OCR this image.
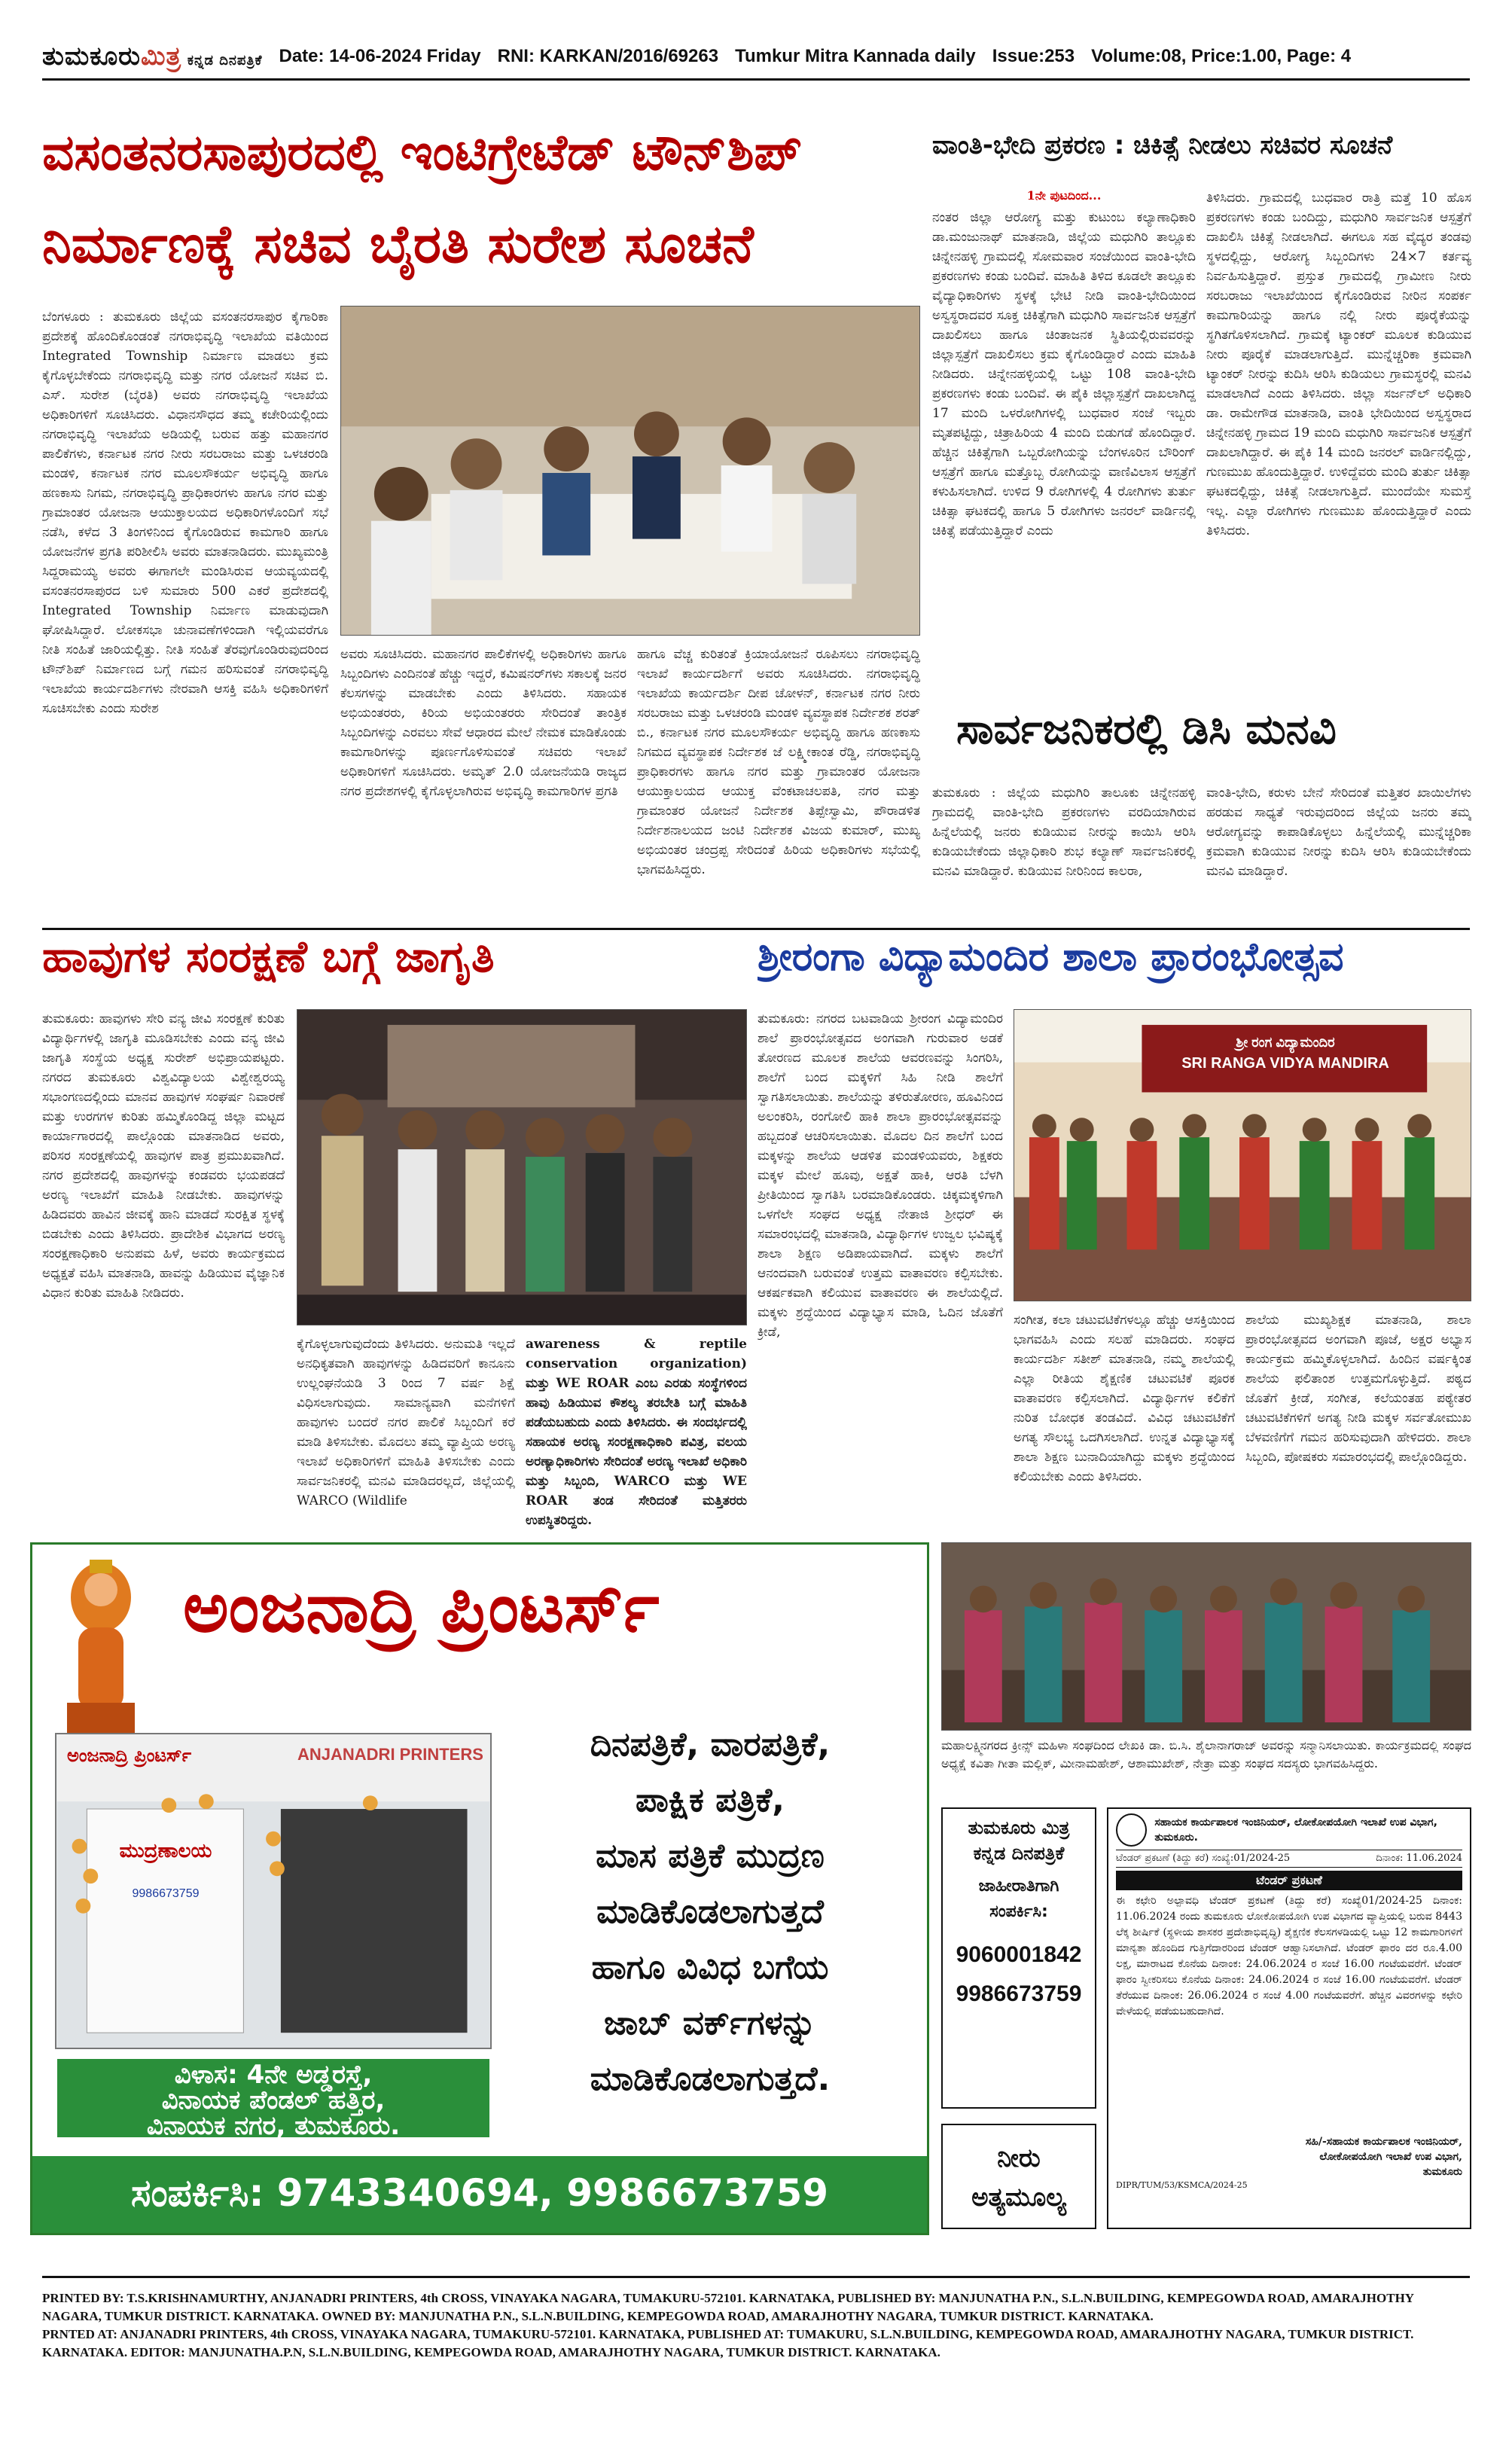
ತುಮಕೂರುಮಿತ್ರ ಕನ್ನಡ ದಿನಪತ್ರಿಕೆ Date: 14-06-2024 Friday RNI: KARKAN/2016/69263 Tumkur Mitra Kannada daily Issue:253 Volume:08, Price:1.00, Page: 4
ವಸಂತನರಸಾಪುರದಲ್ಲಿ ಇಂಟಿಗ್ರೇಟೆಡ್ ಟೌನ್‌ಶಿಪ್
ನಿರ್ಮಾಣಕ್ಕೆ ಸಚಿವ ಬೈರತಿ ಸುರೇಶ ಸೂಚನೆ
ಬೆಂಗಳೂರು : ತುಮಕೂರು ಜಿಲ್ಲೆಯ ವಸಂತನರಸಾಪುರ ಕೈಗಾರಿಕಾ ಪ್ರದೇಶಕ್ಕೆ ಹೊಂದಿಕೊಂಡಂತೆ ನಗರಾಭಿವೃದ್ಧಿ ಇಲಾಖೆಯ ವತಿಯಿಂದ Integrated Township ನಿರ್ಮಾಣ ಮಾಡಲು ಕ್ರಮ ಕೈಗೊಳ್ಳಬೇಕೆಂದು ನಗರಾಭಿವೃದ್ಧಿ ಮತ್ತು ನಗರ ಯೋಜನೆ ಸಚಿವ ಬಿ. ಎಸ್. ಸುರೇಶ (ಬೈರತಿ) ಅವರು ನಗರಾಭಿವೃದ್ಧಿ ಇಲಾಖೆಯ ಅಧಿಕಾರಿಗಳಿಗೆ ಸೂಚಿಸಿದರು. ವಿಧಾನಸೌಧದ ತಮ್ಮ ಕಚೇರಿಯಲ್ಲಿಂದು ನಗರಾಭಿವೃದ್ಧಿ ಇಲಾಖೆಯ ಅಡಿಯಲ್ಲಿ ಬರುವ ಹತ್ತು ಮಹಾನಗರ ಪಾಲಿಕೆಗಳು, ಕರ್ನಾಟಕ ನಗರ ನೀರು ಸರಬರಾಜು ಮತ್ತು ಒಳಚರಂಡಿ ಮಂಡಳಿ, ಕರ್ನಾಟಕ ನಗರ ಮೂಲಸೌಕರ್ಯ ಅಭಿವೃದ್ಧಿ ಹಾಗೂ ಹಣಕಾಸು ನಿಗಮ, ನಗರಾಭಿವೃದ್ಧಿ ಪ್ರಾಧಿಕಾರಗಳು ಹಾಗೂ ನಗರ ಮತ್ತು ಗ್ರಾಮಾಂತರ ಯೋಜನಾ ಆಯುಕ್ತಾಲಯದ ಅಧಿಕಾರಿಗಳೊಂದಿಗೆ ಸಭೆ ನಡೆಸಿ, ಕಳೆದ 3 ತಿಂಗಳಿನಿಂದ ಕೈಗೊಂಡಿರುವ ಕಾಮಗಾರಿ ಹಾಗೂ ಯೋಜನೆಗಳ ಪ್ರಗತಿ ಪರಿಶೀಲಿಸಿ ಅವರು ಮಾತನಾಡಿದರು. ಮುಖ್ಯಮಂತ್ರಿ ಸಿದ್ದರಾಮಯ್ಯ ಅವರು ಈಗಾಗಲೇ ಮಂಡಿಸಿರುವ ಆಯವ್ಯಯದಲ್ಲಿ ವಸಂತನರಸಾಪುರದ ಬಳಿ ಸುಮಾರು 500 ಎಕರೆ ಪ್ರದೇಶದಲ್ಲಿ Integrated Township ನಿರ್ಮಾಣ ಮಾಡುವುದಾಗಿ ಘೋಷಿಸಿದ್ದಾರೆ. ಲೋಕಸಭಾ ಚುನಾವಣೆಗಳಿಂದಾಗಿ ಇಲ್ಲಿಯವರೆಗೂ ನೀತಿ ಸಂಹಿತೆ ಜಾರಿಯಲ್ಲಿತ್ತು. ನೀತಿ ಸಂಹಿತೆ ತೆರವುಗೊಂಡಿರುವುದರಿಂದ ಟೌನ್‌ಶಿಪ್ ನಿರ್ಮಾಣದ ಬಗ್ಗೆ ಗಮನ ಹರಿಸುವಂತೆ ನಗರಾಭಿವೃದ್ಧಿ ಇಲಾಖೆಯ ಕಾರ್ಯದರ್ಶಿಗಳು ನೇರವಾಗಿ ಆಸಕ್ತಿ ವಹಿಸಿ ಅಧಿಕಾರಿಗಳಿಗೆ ಸೂಚಿಸಬೇಕು ಎಂದು ಸುರೇಶ
ಅವರು ಸೂಚಿಸಿದರು. ಮಹಾನಗರ ಪಾಲಿಕೆಗಳಲ್ಲಿ ಅಧಿಕಾರಿಗಳು ಹಾಗೂ ಸಿಬ್ಬಂದಿಗಳು ಎಂದಿನಂತೆ ಹೆಚ್ಚು ಇದ್ದರೆ, ಕಮಿಷನರ್‌ಗಳು ಸಕಾಲಕ್ಕೆ ಜನರ ಕೆಲಸಗಳನ್ನು ಮಾಡಬೇಕು ಎಂದು ತಿಳಿಸಿದರು. ಸಹಾಯಕ ಅಭಿಯಂತರರು, ಕಿರಿಯ ಅಭಿಯಂತರರು ಸೇರಿದಂತೆ ತಾಂತ್ರಿಕ ಸಿಬ್ಬಂದಿಗಳನ್ನು ಎರವಲು ಸೇವೆ ಆಧಾರದ ಮೇಲೆ ನೇಮಕ ಮಾಡಿಕೊಂಡು ಕಾಮಗಾರಿಗಳನ್ನು ಪೂರ್ಣಗೊಳಿಸುವಂತೆ ಸಚಿವರು ಇಲಾಖೆ ಅಧಿಕಾರಿಗಳಿಗೆ ಸೂಚಿಸಿದರು. ಅಮೃತ್ 2.0 ಯೋಜನೆಯಡಿ ರಾಜ್ಯದ ನಗರ ಪ್ರದೇಶಗಳಲ್ಲಿ ಕೈಗೊಳ್ಳಲಾಗಿರುವ ಅಭಿವೃದ್ಧಿ ಕಾಮಗಾರಿಗಳ ಪ್ರಗತಿ
ಹಾಗೂ ವೆಚ್ಚ ಕುರಿತಂತೆ ಕ್ರಿಯಾಯೋಜನೆ ರೂಪಿಸಲು ನಗರಾಭಿವೃದ್ಧಿ ಇಲಾಖೆ ಕಾರ್ಯದರ್ಶಿಗೆ ಅವರು ಸೂಚಿಸಿದರು. ನಗರಾಭಿವೃದ್ಧಿ ಇಲಾಖೆಯ ಕಾರ್ಯದರ್ಶಿ ದೀಪ ಚೋಳನ್, ಕರ್ನಾಟಕ ನಗರ ನೀರು ಸರಬರಾಜು ಮತ್ತು ಒಳಚರಂಡಿ ಮಂಡಳಿ ವ್ಯವಸ್ಥಾಪಕ ನಿರ್ದೇಶಕ ಶರತ್ ಬಿ., ಕರ್ನಾಟಕ ನಗರ ಮೂಲಸೌಕರ್ಯ ಅಭಿವೃದ್ಧಿ ಹಾಗೂ ಹಣಕಾಸು ನಿಗಮದ ವ್ಯವಸ್ಥಾಪಕ ನಿರ್ದೇಶಕ ಜೆ ಲಕ್ಷ್ಮೀಕಾಂತ ರೆಡ್ಡಿ, ನಗರಾಭಿವೃದ್ಧಿ ಪ್ರಾಧಿಕಾರಗಳು ಹಾಗೂ ನಗರ ಮತ್ತು ಗ್ರಾಮಾಂತರ ಯೋಜನಾ ಆಯುಕ್ತಾಲಯದ ಆಯುಕ್ತ ವೆಂಕಟಾಚಲಪತಿ, ನಗರ ಮತ್ತು ಗ್ರಾಮಾಂತರ ಯೋಜನೆ ನಿರ್ದೇಶಕ ತಿಪ್ಪೇಸ್ವಾಮಿ, ಪೌರಾಡಳಿತ ನಿರ್ದೇಶನಾಲಯದ ಜಂಟಿ ನಿರ್ದೇಶಕ ವಿಜಯ ಕುಮಾರ್, ಮುಖ್ಯ ಅಭಿಯಂತರ ಚಂದ್ರಪ್ಪ ಸೇರಿದಂತೆ ಹಿರಿಯ ಅಧಿಕಾರಿಗಳು ಸಭೆಯಲ್ಲಿ ಭಾಗವಹಿಸಿದ್ದರು.
ವಾಂತಿ-ಭೇದಿ ಪ್ರಕರಣ : ಚಿಕಿತ್ಸೆ ನೀಡಲು ಸಚಿವರ ಸೂಚನೆ
1ನೇ ಪುಟದಿಂದ...
ನಂತರ ಜಿಲ್ಲಾ ಆರೋಗ್ಯ ಮತ್ತು ಕುಟುಂಬ ಕಲ್ಯಾಣಾಧಿಕಾರಿ ಡಾ.ಮಂಜುನಾಥ್ ಮಾತನಾಡಿ, ಜಿಲ್ಲೆಯ ಮಧುಗಿರಿ ತಾಲ್ಲೂಕು ಚಿನ್ನೇನಹಳ್ಳಿ ಗ್ರಾಮದಲ್ಲಿ ಸೋಮವಾರ ಸಂಜೆಯಿಂದ ವಾಂತಿ-ಭೇದಿ ಪ್ರಕರಣಗಳು ಕಂಡು ಬಂದಿವೆ. ಮಾಹಿತಿ ತಿಳಿದ ಕೂಡಲೇ ತಾಲ್ಲೂಕು ವೈದ್ಯಾಧಿಕಾರಿಗಳು ಸ್ಥಳಕ್ಕೆ ಭೇಟಿ ನೀಡಿ ವಾಂತಿ-ಭೇದಿಯಿಂದ ಅಸ್ವಸ್ಥರಾದವರ ಸೂಕ್ತ ಚಿಕಿತ್ಸೆಗಾಗಿ ಮಧುಗಿರಿ ಸಾರ್ವಜನಿಕ ಆಸ್ಪತ್ರೆಗೆ ದಾಖಲಿಸಲು ಹಾಗೂ ಚಿಂತಾಜನಕ ಸ್ಥಿತಿಯಲ್ಲಿರುವವರನ್ನು ಜಿಲ್ಲಾಸ್ಪತ್ರೆಗೆ ದಾಖಲಿಸಲು ಕ್ರಮ ಕೈಗೊಂಡಿದ್ದಾರೆ ಎಂದು ಮಾಹಿತಿ ನೀಡಿದರು. ಚಿನ್ನೇನಹಳ್ಳಿಯಲ್ಲಿ ಒಟ್ಟು 108 ವಾಂತಿ-ಭೇದಿ ಪ್ರಕರಣಗಳು ಕಂಡು ಬಂದಿವೆ. ಈ ಪೈಕಿ ಜಿಲ್ಲಾಸ್ಪತ್ರೆಗೆ ದಾಖಲಾಗಿದ್ದ 17 ಮಂದಿ ಒಳರೋಗಿಗಳಲ್ಲಿ ಬುಧವಾರ ಸಂಜೆ ಇಬ್ಬರು ಮೃತಪಟ್ಟಿದ್ದು, ಚಿತ್ರಾಹಿರಿಯ 4 ಮಂದಿ ಬಿಡುಗಡೆ ಹೊಂದಿದ್ದಾರೆ. ಹೆಚ್ಚಿನ ಚಿಕಿತ್ಸೆಗಾಗಿ ಒಬ್ಬರೋಗಿಯನ್ನು ಬೆಂಗಳೂರಿನ ಬೌರಿಂಗ್ ಆಸ್ಪತ್ರೆಗೆ ಹಾಗೂ ಮತ್ತೊಬ್ಬ ರೋಗಿಯನ್ನು ವಾಣಿವಿಲಾಸ ಆಸ್ಪತ್ರೆಗೆ ಕಳುಹಿಸಲಾಗಿದೆ. ಉಳಿದ 9 ರೋಗಿಗಳಲ್ಲಿ 4 ರೋಗಿಗಳು ತುರ್ತು ಚಿಕಿತ್ಸಾ ಘಟಕದಲ್ಲಿ ಹಾಗೂ 5 ರೋಗಿಗಳು ಜನರಲ್ ವಾರ್ಡಿನಲ್ಲಿ ಚಿಕಿತ್ಸೆ ಪಡೆಯುತ್ತಿದ್ದಾರೆ ಎಂದು
ತಿಳಿಸಿದರು. ಗ್ರಾಮದಲ್ಲಿ ಬುಧವಾರ ರಾತ್ರಿ ಮತ್ತೆ 10 ಹೊಸ ಪ್ರಕರಣಗಳು ಕಂಡು ಬಂದಿದ್ದು, ಮಧುಗಿರಿ ಸಾರ್ವಜನಿಕ ಆಸ್ಪತ್ರೆಗೆ ದಾಖಲಿಸಿ ಚಿಕಿತ್ಸೆ ನೀಡಲಾಗಿದೆ. ಈಗಲೂ ಸಹ ವೈದ್ಯರ ತಂಡವು ಸ್ಥಳದಲ್ಲಿದ್ದು, ಆರೋಗ್ಯ ಸಿಬ್ಬಂದಿಗಳು 24×7 ಕರ್ತವ್ಯ ನಿರ್ವಹಿಸುತ್ತಿದ್ದಾರೆ. ಪ್ರಸ್ತುತ ಗ್ರಾಮದಲ್ಲಿ ಗ್ರಾಮೀಣ ನೀರು ಸರಬರಾಜು ಇಲಾಖೆಯಿಂದ ಕೈಗೊಂಡಿರುವ ನೀರಿನ ಸಂಪರ್ಕ ಕಾಮಗಾರಿಯನ್ನು ಹಾಗೂ ನಲ್ಲಿ ನೀರು ಪೂರೈಕೆಯನ್ನು ಸ್ಥಗಿತಗೊಳಿಸಲಾಗಿದೆ. ಗ್ರಾಮಕ್ಕೆ ಟ್ಯಾಂಕರ್ ಮೂಲಕ ಕುಡಿಯುವ ನೀರು ಪೂರೈಕೆ ಮಾಡಲಾಗುತ್ತಿದೆ. ಮುನ್ನೆಚ್ಚರಿಕಾ ಕ್ರಮವಾಗಿ ಟ್ಯಾಂಕರ್ ನೀರನ್ನು ಕುದಿಸಿ ಆರಿಸಿ ಕುಡಿಯಲು ಗ್ರಾಮಸ್ಥರಲ್ಲಿ ಮನವಿ ಮಾಡಲಾಗಿದೆ ಎಂದು ತಿಳಿಸಿದರು. ಜಿಲ್ಲಾ ಸರ್ಜನ್‌ಲ್ ಅಧಿಕಾರಿ ಡಾ. ರಾಮೇಗೌಡ ಮಾತನಾಡಿ, ವಾಂತಿ ಭೇದಿಯಿಂದ ಅಸ್ವಸ್ಥರಾದ ಚಿನ್ನೇನಹಳ್ಳಿ ಗ್ರಾಮದ 19 ಮಂದಿ ಮಧುಗಿರಿ ಸಾರ್ವಜನಿಕ ಆಸ್ಪತ್ರೆಗೆ ದಾಖಲಾಗಿದ್ದಾರೆ. ಈ ಪೈಕಿ 14 ಮಂದಿ ಜನರಲ್ ವಾರ್ಡಿನಲ್ಲಿದ್ದು, ಗುಣಮುಖ ಹೊಂದುತ್ತಿದ್ದಾರೆ. ಉಳಿದ್ದೆವರು ಮಂದಿ ತುರ್ತು ಚಿಕಿತ್ಸಾ ಘಟಕದಲ್ಲಿದ್ದು, ಚಿಕಿತ್ಸೆ ನೀಡಲಾಗುತ್ತಿದೆ. ಮುಂದೆಯೇ ಸುಮಸ್ತೆ ಇಲ್ಲ. ಎಲ್ಲಾ ರೋಗಿಗಳು ಗುಣಮುಖ ಹೊಂದುತ್ತಿದ್ದಾರೆ ಎಂದು ತಿಳಿಸಿದರು.
ಸಾರ್ವಜನಿಕರಲ್ಲಿ ಡಿಸಿ ಮನವಿ
ತುಮಕೂರು : ಜಿಲ್ಲೆಯ ಮಧುಗಿರಿ ತಾಲೂಕು ಚಿನ್ನೇನಹಳ್ಳಿ ಗ್ರಾಮದಲ್ಲಿ ವಾಂತಿ-ಭೇದಿ ಪ್ರಕರಣಗಳು ವರದಿಯಾಗಿರುವ ಹಿನ್ನೆಲೆಯಲ್ಲಿ ಜನರು ಕುಡಿಯುವ ನೀರನ್ನು ಕಾಯಿಸಿ ಆರಿಸಿ ಕುಡಿಯಬೇಕೆಂದು ಜಿಲ್ಲಾಧಿಕಾರಿ ಶುಭ ಕಲ್ಯಾಣ್ ಸಾರ್ವಜನಿಕರಲ್ಲಿ ಮನವಿ ಮಾಡಿದ್ದಾರೆ. ಕುಡಿಯುವ ನೀರಿನಿಂದ ಕಾಲರಾ,
ವಾಂತಿ-ಭೇದಿ, ಕರುಳು ಬೇನೆ ಸೇರಿದಂತೆ ಮತ್ತಿತರ ಖಾಯಿಲೆಗಳು ಹರಡುವ ಸಾಧ್ಯತೆ ಇರುವುದರಿಂದ ಜಿಲ್ಲೆಯ ಜನರು ತಮ್ಮ ಆರೋಗ್ಯವನ್ನು ಕಾಪಾಡಿಕೊಳ್ಳಲು ಹಿನ್ನೆಲೆಯಲ್ಲಿ ಮುನ್ನೆಚ್ಚರಿಕಾ ಕ್ರಮವಾಗಿ ಕುಡಿಯುವ ನೀರನ್ನು ಕುದಿಸಿ ಆರಿಸಿ ಕುಡಿಯಬೇಕೆಂದು ಮನವಿ ಮಾಡಿದ್ದಾರೆ.
ಹಾವುಗಳ ಸಂರಕ್ಷಣೆ ಬಗ್ಗೆ ಜಾಗೃತಿ
ತುಮಕೂರು: ಹಾವುಗಳು ಸೇರಿ ವನ್ಯ ಜೀವಿ ಸಂರಕ್ಷಣೆ ಕುರಿತು ವಿದ್ಯಾರ್ಥಿಗಳಲ್ಲಿ ಜಾಗೃತಿ ಮೂಡಿಸಬೇಕು ಎಂದು ವನ್ಯ ಜೀವಿ ಜಾಗೃತಿ ಸಂಸ್ಥೆಯ ಅಧ್ಯಕ್ಷ ಸುರೇಶ್ ಅಭಿಪ್ರಾಯಪಟ್ಟರು. ನಗರದ ತುಮಕೂರು ವಿಶ್ವವಿದ್ಯಾಲಯ ವಿಶ್ವೇಶ್ವರಯ್ಯ ಸಭಾಂಗಣದಲ್ಲಿಂದು ಮಾನವ ಹಾವುಗಳ ಸಂಘರ್ಷ ನಿವಾರಣೆ ಮತ್ತು ಉರಗಗಳ ಕುರಿತು ಹಮ್ಮಿಕೊಂಡಿದ್ದ ಜಿಲ್ಲಾ ಮಟ್ಟದ ಕಾರ್ಯಾಗಾರದಲ್ಲಿ ಪಾಲ್ಗೊಂಡು ಮಾತನಾಡಿದ ಅವರು, ಪರಿಸರ ಸಂರಕ್ಷಣೆಯಲ್ಲಿ ಹಾವುಗಳ ಪಾತ್ರ ಪ್ರಮುಖವಾಗಿದೆ. ನಗರ ಪ್ರದೇಶದಲ್ಲಿ ಹಾವುಗಳನ್ನು ಕಂಡವರು ಭಯಪಡದೆ ಅರಣ್ಯ ಇಲಾಖೆಗೆ ಮಾಹಿತಿ ನೀಡಬೇಕು. ಹಾವುಗಳನ್ನು ಹಿಡಿದವರು ಹಾವಿನ ಜೀವಕ್ಕೆ ಹಾನಿ ಮಾಡದೆ ಸುರಕ್ಷಿತ ಸ್ಥಳಕ್ಕೆ ಬಿಡಬೇಕು ಎಂದು ತಿಳಿಸಿದರು. ಪ್ರಾದೇಶಿಕ ವಿಭಾಗದ ಅರಣ್ಯ ಸಂರಕ್ಷಣಾಧಿಕಾರಿ ಅನುಪಮ ಹಿಳೆ, ಅವರು ಕಾರ್ಯಕ್ರಮದ ಅಧ್ಯಕ್ಷತೆ ವಹಿಸಿ ಮಾತನಾಡಿ, ಹಾವನ್ನು ಹಿಡಿಯುವ ವೈಜ್ಞಾನಿಕ ವಿಧಾನ ಕುರಿತು ಮಾಹಿತಿ ನೀಡಿದರು.
ಕೈಗೊಳ್ಳಲಾಗುವುದೆಂದು ತಿಳಿಸಿದರು. ಅನುಮತಿ ಇಲ್ಲದೆ ಅನಧಿಕೃತವಾಗಿ ಹಾವುಗಳನ್ನು ಹಿಡಿದವರಿಗೆ ಕಾನೂನು ಉಲ್ಲಂಘನೆಯಡಿ 3 ರಿಂದ 7 ವರ್ಷ ಶಿಕ್ಷೆ ವಿಧಿಸಲಾಗುವುದು. ಸಾಮಾನ್ಯವಾಗಿ ಮನೆಗಳಿಗೆ ಹಾವುಗಳು ಬಂದರೆ ನಗರ ಪಾಲಿಕೆ ಸಿಬ್ಬಂದಿಗೆ ಕರೆ ಮಾಡಿ ತಿಳಿಸಬೇಕು. ಮೊದಲು ತಮ್ಮ ವ್ಯಾಪ್ತಿಯ ಅರಣ್ಯ ಇಲಾಖೆ ಅಧಿಕಾರಿಗಳಿಗೆ ಮಾಹಿತಿ ತಿಳಿಸಬೇಕು ಎಂದು ಸಾರ್ವಜನಿಕರಲ್ಲಿ ಮನವಿ ಮಾಡಿದರಲ್ಲದೆ, ಜಿಲ್ಲೆಯಲ್ಲಿ WARCO (Wildlife
awareness & reptile conservation organization) ಮತ್ತು WE ROAR ಎಂಬ ಎರಡು ಸಂಸ್ಥೆಗಳಿಂದ ಹಾವು ಹಿಡಿಯುವ ಕೌಶಲ್ಯ ತರಬೇತಿ ಬಗ್ಗೆ ಮಾಹಿತಿ ಪಡೆಯಬಹುದು ಎಂದು ತಿಳಿಸಿದರು. ಈ ಸಂದರ್ಭದಲ್ಲಿ ಸಹಾಯಕ ಅರಣ್ಯ ಸಂರಕ್ಷಣಾಧಿಕಾರಿ ಪವಿತ್ರ, ವಲಯ ಅರಣ್ಯಾಧಿಕಾರಿಗಳು ಸೇರಿದಂತೆ ಅರಣ್ಯ ಇಲಾಖೆ ಅಧಿಕಾರಿ ಮತ್ತು ಸಿಬ್ಬಂದಿ, WARCO ಮತ್ತು WE ROAR ತಂಡ ಸೇರಿದಂತೆ ಮತ್ತಿತರರು ಉಪಸ್ಥಿತರಿದ್ದರು.
ಶ್ರೀರಂಗಾ ವಿದ್ಯಾಮಂದಿರ ಶಾಲಾ ಪ್ರಾರಂಭೋತ್ಸವ
ತುಮಕೂರು: ನಗರದ ಬಟವಾಡಿಯ ಶ್ರೀರಂಗ ವಿದ್ಯಾಮಂದಿರ ಶಾಲೆ ಪ್ರಾರಂಭೋತ್ಸವದ ಅಂಗವಾಗಿ ಗುರುವಾರ ಅಡಕೆ ತೋರಣದ ಮೂಲಕ ಶಾಲೆಯ ಆವರಣವನ್ನು ಸಿಂಗರಿಸಿ, ಶಾಲೆಗೆ ಬಂದ ಮಕ್ಕಳಿಗೆ ಸಿಹಿ ನೀಡಿ ಶಾಲೆಗೆ ಸ್ವಾಗತಿಸಲಾಯಿತು. ಶಾಲೆಯನ್ನು ತಳಿರುತೋರಣ, ಹೂವಿನಿಂದ ಅಲಂಕರಿಸಿ, ರಂಗೋಲಿ ಹಾಕಿ ಶಾಲಾ ಪ್ರಾರಂಭೋತ್ಸವವನ್ನು ಹಬ್ಬದಂತೆ ಆಚರಿಸಲಾಯಿತು. ಮೊದಲ ದಿನ ಶಾಲೆಗೆ ಬಂದ ಮಕ್ಕಳನ್ನು ಶಾಲೆಯ ಆಡಳಿತ ಮಂಡಳಿಯವರು, ಶಿಕ್ಷಕರು ಮಕ್ಕಳ ಮೇಲೆ ಹೂವು, ಅಕ್ಷತೆ ಹಾಕಿ, ಆರತಿ ಬೆಳಗಿ ಪ್ರೀತಿಯಿಂದ ಸ್ವಾಗತಿಸಿ ಬರಮಾಡಿಕೊಂಡರು. ಚಿಕ್ಕಮಕ್ಕಳಿಗಾಗಿ ಒಳಗೆಲೇ ಸಂಘದ ಅಧ್ಯಕ್ಷ ನೇತಾಜಿ ಶ್ರೀಧರ್ ಈ ಸಮಾರಂಭದಲ್ಲಿ ಮಾತನಾಡಿ, ವಿದ್ಯಾರ್ಥಿಗಳ ಉಜ್ವಲ ಭವಿಷ್ಯಕ್ಕೆ ಶಾಲಾ ಶಿಕ್ಷಣ ಅಡಿಪಾಯವಾಗಿದೆ. ಮಕ್ಕಳು ಶಾಲೆಗೆ ಆನಂದವಾಗಿ ಬರುವಂತೆ ಉತ್ತಮ ವಾತಾವರಣ ಕಲ್ಪಿಸಬೇಕು. ಆಕರ್ಷಕವಾಗಿ ಕಲಿಯುವ ವಾತಾವರಣ ಈ ಶಾಲೆಯಲ್ಲಿದೆ. ಮಕ್ಕಳು ಶ್ರದ್ಧೆಯಿಂದ ವಿದ್ಯಾಭ್ಯಾಸ ಮಾಡಿ, ಓದಿನ ಜೊತೆಗೆ ಕ್ರೀಡೆ,
ಶ್ರೀ ರಂಗ ವಿದ್ಯಾಮಂದಿರ
SRI RANGA VIDYA MANDIRA
ಸಂಗೀತ, ಕಲಾ ಚಟುವಟಿಕೆಗಳಲ್ಲೂ ಹೆಚ್ಚು ಆಸಕ್ತಿಯಿಂದ ಭಾಗವಹಿಸಿ ಎಂದು ಸಲಹೆ ಮಾಡಿದರು. ಸಂಘದ ಕಾರ್ಯದರ್ಶಿ ಸತೀಶ್ ಮಾತನಾಡಿ, ನಮ್ಮ ಶಾಲೆಯಲ್ಲಿ ಎಲ್ಲಾ ರೀತಿಯ ಶೈಕ್ಷಣಿಕ ಚಟುವಟಿಕೆ ಪೂರಕ ವಾತಾವರಣ ಕಲ್ಪಿಸಲಾಗಿದೆ. ವಿದ್ಯಾರ್ಥಿಗಳ ಕಲಿಕೆಗೆ ನುರಿತ ಬೋಧಕ ತಂಡವಿದೆ. ವಿವಿಧ ಚಟುವಟಿಕೆಗೆ ಅಗತ್ಯ ಸೌಲಭ್ಯ ಒದಗಿಸಲಾಗಿದೆ. ಉನ್ನತ ವಿದ್ಯಾಭ್ಯಾಸಕ್ಕೆ ಶಾಲಾ ಶಿಕ್ಷಣ ಬುನಾದಿಯಾಗಿದ್ದು ಮಕ್ಕಳು ಶ್ರದ್ಧೆಯಿಂದ ಕಲಿಯಬೇಕು ಎಂದು ತಿಳಿಸಿದರು.
ಶಾಲೆಯ ಮುಖ್ಯಶಿಕ್ಷಕ ಮಾತನಾಡಿ, ಶಾಲಾ ಪ್ರಾರಂಭೋತ್ಸವದ ಅಂಗವಾಗಿ ಪೂಜೆ, ಅಕ್ಷರ ಅಭ್ಯಾಸ ಕಾರ್ಯಕ್ರಮ ಹಮ್ಮಿಕೊಳ್ಳಲಾಗಿದೆ. ಹಿಂದಿನ ವರ್ಷಕ್ಕಿಂತ ಶಾಲೆಯ ಫಲಿತಾಂಶ ಉತ್ತಮಗೊಳ್ಳುತ್ತಿದೆ. ಪಠ್ಯದ ಜೊತೆಗೆ ಕ್ರೀಡೆ, ಸಂಗೀತ, ಕಲೆಯಂತಹ ಪಠ್ಯೇತರ ಚಟುವಟಿಕೆಗಳಿಗೆ ಅಗತ್ಯ ನೀಡಿ ಮಕ್ಕಳ ಸರ್ವತೋಮುಖ ಬೆಳವಣಿಗೆಗೆ ಗಮನ ಹರಿಸುವುದಾಗಿ ಹೇಳಿದರು. ಶಾಲಾ ಸಿಬ್ಬಂದಿ, ಪೋಷಕರು ಸಮಾರಂಭದಲ್ಲಿ ಪಾಲ್ಗೊಂಡಿದ್ದರು.
ಮಹಾಲಕ್ಷ್ಮಿನಗರದ ಕ್ರೀನ್ಸ್ ಮಹಿಳಾ ಸಂಘದಿಂದ ಲೇಖಕಿ ಡಾ. ಬಿ.ಸಿ. ಶೈಲಾನಾಗರಾಜ್ ಅವರನ್ನು ಸನ್ಮಾನಿಸಲಾಯಿತು. ಕಾರ್ಯಕ್ರಮದಲ್ಲಿ ಸಂಘದ ಅಧ್ಯಕ್ಷೆ ಕವಿತಾ ಗೀತಾ ಮಲ್ಲಿಕ್, ಮೀನಾಮಹೇಶ್, ಆಶಾಮುಖೇಶ್, ನೇತ್ರಾ ಮತ್ತು ಸಂಘದ ಸದಸ್ಯರು ಭಾಗವಹಿಸಿದ್ದರು.
ಅಂಜನಾದ್ರಿ ಪ್ರಿಂಟರ್ಸ್
ಅಂಜನಾದ್ರಿ ಪ್ರಿಂಟರ್ಸ್	ANJANADRI PRINTERS
ಮುದ್ರಣಾಲಯ
9986673759
ದಿನಪತ್ರಿಕೆ, ವಾರಪತ್ರಿಕೆ,
ಪಾಕ್ಷಿಕ ಪತ್ರಿಕೆ,
ಮಾಸ ಪತ್ರಿಕೆ ಮುದ್ರಣ
ಮಾಡಿಕೊಡಲಾಗುತ್ತದೆ
ಹಾಗೂ ವಿವಿಧ ಬಗೆಯ
ಜಾಬ್ ವರ್ಕ್‌ಗಳನ್ನು
ಮಾಡಿಕೊಡಲಾಗುತ್ತದೆ.
ವಿಳಾಸ: 4ನೇ ಅಡ್ಡರಸ್ತೆ,
ವಿನಾಯಕ ಪೆಂಡಲ್ ಹತ್ತಿರ,
ವಿನಾಯಕ ನಗರ, ತುಮಕೂರು.
ಸಂಪರ್ಕಿಸಿ: 9743340694, 9986673759
ತುಮಕೂರು ಮಿತ್ರ
ಕನ್ನಡ ದಿನಪತ್ರಿಕೆ
ಜಾಹೀರಾತಿಗಾಗಿ
ಸಂಪರ್ಕಿಸಿ:
9060001842
9986673759
ನೀರು
ಅತ್ಯಮೂಲ್ಯ
ಸಹಾಯಕ ಕಾರ್ಯಪಾಲಕ ಇಂಜಿನಿಯರ್, ಲೋಕೋಪಯೋಗಿ ಇಲಾಖೆ ಉಪ ವಿಭಾಗ, ತುಮಕೂರು.
ಟೆಂಡರ್ ಪ್ರಕಟಣೆ (ತಿದ್ದು ಕರೆ) ಸಂಖ್ಯೆ:01/2024-25	ದಿನಾಂಕ: 11.06.2024
ಟೆಂಡರ್ ಪ್ರಕಟಣೆ
ಈ ಕಛೇರಿ ಅಲ್ಪಾವಧಿ ಟೆಂಡರ್ ಪ್ರಕಟಣೆ (ತಿದ್ದು ಕರೆ) ಸಂಖ್ಯೆ01/2024-25 ದಿನಾಂಕ: 11.06.2024 ರಂದು ತುಮಕೂರು ಲೋಕೋಪಯೋಗಿ ಉಪ ವಿಭಾಗದ ವ್ಯಾಪ್ತಿಯಲ್ಲಿ ಬರುವ 8443 ಲೆಕ್ಕ ಶೀರ್ಷಿಕೆ (ಸ್ಥಳೀಯ ಶಾಸಕರ ಪ್ರದೇಶಾಭಿವೃದ್ಧಿ) ಶೈಕ್ಷಣಿಕ ಕೆಲಸಗಳಡಿಯಲ್ಲಿ ಒಟ್ಟು 12 ಕಾಮಗಾರಿಗಳಿಗೆ ಮಾನ್ಯತಾ ಹೊಂದಿದ ಗುತ್ತಿಗೆದಾರರಿಂದ ಟೆಂಡರ್ ಆಹ್ವಾನಿಸಲಾಗಿದೆ. ಟೆಂಡರ್ ಫಾರಂ ದರ ರೂ.4.00 ಲಕ್ಷ, ಮಾರಾಟದ ಕೊನೆಯ ದಿನಾಂಕ: 24.06.2024 ರ ಸಂಜೆ 16.00 ಗಂಟೆಯವರೆಗೆ. ಟೆಂಡರ್ ಫಾರಂ ಸ್ವೀಕರಿಸಲು ಕೊನೆಯ ದಿನಾಂಕ: 24.06.2024 ರ ಸಂಜೆ 16.00 ಗಂಟೆಯವರೆಗೆ. ಟೆಂಡರ್ ತೆರೆಯುವ ದಿನಾಂಕ: 26.06.2024 ರ ಸಂಜೆ 4.00 ಗಂಟೆಯವರೆಗೆ. ಹೆಚ್ಚಿನ ವಿವರಗಳನ್ನು ಕಛೇರಿ ವೇಳೆಯಲ್ಲಿ ಪಡೆಯಬಹುದಾಗಿದೆ.
ಸಹಿ/-ಸಹಾಯಕ ಕಾರ್ಯಪಾಲಕ ಇಂಜಿನಿಯರ್,
ಲೋಕೋಪಯೋಗಿ ಇಲಾಖೆ ಉಪ ವಿಭಾಗ,
ತುಮಕೂರು
DIPR/TUM/53/KSMCA/2024-25
PRINTED BY: T.S.KRISHNAMURTHY, ANJANADRI PRINTERS, 4th CROSS, VINAYAKA NAGARA, TUMAKURU-572101. KARNATAKA, PUBLISHED BY: MANJUNATHA P.N., S.L.N.BUILDING, KEMPEGOWDA ROAD, AMARAJHOTHY NAGARA, TUMKUR DISTRICT. KARNATAKA. OWNED BY: MANJUNATHA P.N., S.L.N.BUILDING, KEMPEGOWDA ROAD, AMARAJHOTHY NAGARA, TUMKUR DISTRICT. KARNATAKA.
PRNTED AT: ANJANADRI PRINTERS, 4th CROSS, VINAYAKA NAGARA, TUMAKURU-572101. KARNATAKA, PUBLISHED AT: TUMAKURU, S.L.N.BUILDING, KEMPEGOWDA ROAD, AMARAJHOTHY NAGARA, TUMKUR DISTRICT. KARNATAKA. EDITOR: MANJUNATHA.P.N, S.L.N.BUILDING, KEMPEGOWDA ROAD, AMARAJHOTHY NAGARA, TUMKUR DISTRICT. KARNATAKA.
